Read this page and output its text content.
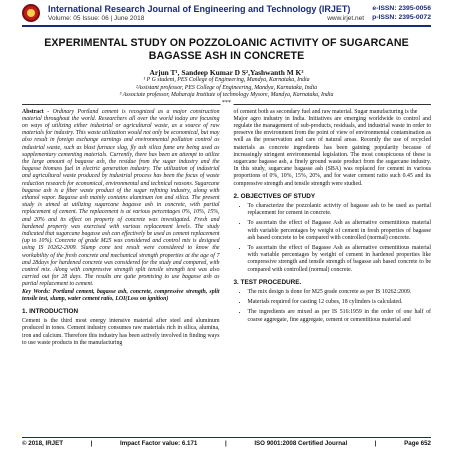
International Research Journal of Engineering and Technology (IRJET)
Volume: 05 Issue: 06 | June 2018	www.irjet.net
e-ISSN: 2395-0056
p-ISSN: 2395-0072
EXPERIMENTAL STUDY ON POZZOLOANIC ACTIVITY OF SUGARCANE BAGASSE ASH IN CONCRETE
Arjun T¹, Sandeep Kumar D S²,Yashwanth M K³
¹ P G student, PES College of Engineering, Mandya, Karnataka, India
²Assistant professor, PES College of Engineering, Mandya, Karnataka, India
³ Associate professor, Maharaja Institute of technology Mysore, Mandya, Karnataka, India
***

Abstract - Ordinary Portland cement is recognized as a major construction material throughout the world. Researchers all over the world today are focusing on ways of utilizing either industrial or agricultural waste, as a source of raw materials for industry. This waste utilization would not only be economical, but may also result in foreign exchange earnings and environmental pollution control as industrial waste, such as blast furnace slag, fly ash silica fume are being used as supplementary cementing materials. Currently, there has been an attempt to utilize the large amount of bagasse ash, the residue from the sugar industry and the bagasse biomass fuel in electric generation industry. The utilization of industrial and agricultural waste produced by industrial process has been the focus of waste reduction research for economical, environmental and technical reasons. Sugarcane bagasse ash is a fiber waste product of the sugar refining industry, along with ethanol vapor. Bagasse ash mainly contains aluminum ion and silica. The present study is aimed at utilizing sugarcane bagasse ash in concrete, with partial replacement of cement. The replacement is at various percentages 0%, 10%, 15%, and 20% and its effect on property of concrete was investigated. Fresh and hardened property was exercised with various replacement levels. The study indicated that sugarcane bagasse ash can effectively be used as cement replacement (up to 10%). Concrete of grade M25 was considered and control mix is designed using IS 10262-2009. Slump cone test result were considered to know the workability of the fresh concrete and mechanical strength properties at the age of 7 and 28days for hardened concrete was considered for the study and compared, with control mix. Along with compressive strength split tensile strength test was also carried out for 28 days. The results are quite promising to use bagasse ash as partial replacement to cement.

Key Words: Portland cement, bagasse ash, concrete, compressive strength, split tensile test, slump, water cement ratio, LOI(Loss on ignition)

1. INTRODUCTION

Cement is the third most energy intensive material after steel and aluminum produced in tones. Cement industry consumes raw materials rich in silica, alumina, iron and calcium. Therefore this industry has been actively involved in finding ways to use waste products in the manufacturing

of cement both as secondary fuel and raw material. Sugar manufacturing is the

Major agro industry in India. Initiatives are emerging worldwide to control and regulate the management of sub-products, residuals, and industrial waste in order to preserve the environment from the point of view of environmental contamination as well as the preservation and care of natural areas. Recently the use of recycled materials as concrete ingredients has been gaining popularity because of increasingly stringent environmental legislation. The most conspicuous of these is sugarcane bagasse ash, a finely ground waste product from the sugarcane industry. In this study, sugarcane bagasse ash (SBA) was replaced for cement in various proportions of 0%, 10%, 15%, 20%, and for water cement ratio such 0.45 and its compressive strength and tensile strength were studied.

2. OBJECTIVES OF STUDY
• To characterize the pozzolanic activity of bagasse ash to be used as partial replacement for cement in concrete.
• To ascertain the effect of Bagasse Ash as alternative cementitious material with variable percentages by weight of cement in fresh properties of bagasse ash based concrete to be compared with controlled (normal) concrete.
• To ascertain the effect of Bagasse Ash as alternative cementitious material with variable percentages by weight of cement in hardened properties like compressive strength and tensile strength of bagasse ash based concrete to be compared with controlled (normal) concrete.
3. TEST PROCEDURE.
• The mix design is done for M25 grade concrete as per IS 10262:2009.
• Materials required for casting 12 cubes, 18 cylinders is calculated.
• The ingredients are mixed as per IS 516:1959 in the order of one half of coarse aggregate, fine aggregate, cement or cementitious material and
© 2018, IRJET	|	Impact Factor value: 6.171	|	ISO 9001:2008 Certified Journal	|	Page 652
